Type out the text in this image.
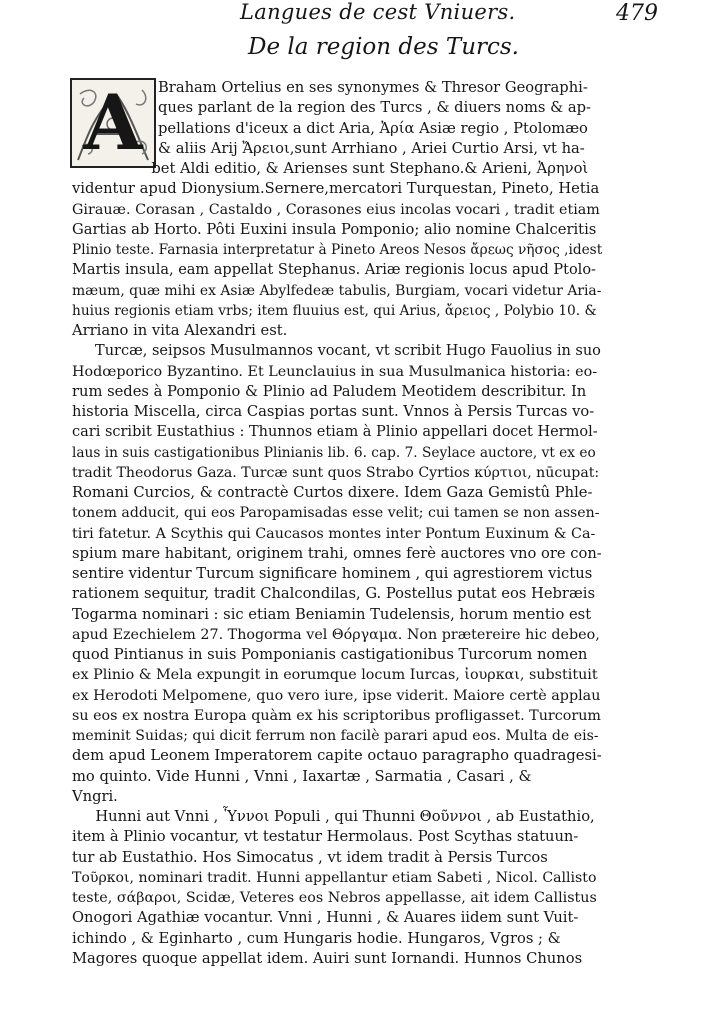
Langues de cest Vniuers.	479
De la region des Turcs.
A	Braham Ortelius en ses synonymes & Thresor Geographi-
ques parlant de la region des Turcs , & diuers noms & ap-
pellations d'iceux a dict Aria, Ἀρία Asiæ regio , Ptolomæo
& aliis Arij Ἄρειοι,sunt Arrhiano , Ariei Curtio Arsi, vt ha-
bet Aldi editio, & Arienses sunt Stephano.& Arieni, Ἀρηνοὶ
videntur apud Dionysium.Sernere,mercatori Turquestan, Pineto, Hetia
Girauæ. Corasan , Castaldo , Corasones eius incolas vocari , tradit etiam
Gartias ab Horto. Pôti Euxini insula Pomponio; alio nomine Chalceritis
Plinio teste. Farnasia interpretatur à Pineto Areos Nesos ἄρεως νῆσος ,idest
Martis insula, eam appellat Stephanus. Ariæ regionis locus apud Ptolo-
mæum, quæ mihi ex Asiæ Abylfedeæ tabulis, Burgiam, vocari videtur Aria-
huius regionis etiam vrbs; item fluuius est, qui Arius, ἄρειος , Polybio 10. &
Arriano in vita Alexandri est.
Turcæ, seipsos Musulmannos vocant, vt scribit Hugo Fauolius in suo
Hodœporico Byzantino. Et Leunclauius in sua Musulmanica historia: eo-
rum sedes à Pomponio & Plinio ad Paludem Meotidem describitur. In
historia Miscella, circa Caspias portas sunt. Vnnos à Persis Turcas vo-
cari scribit Eustathius : Thunnos etiam à Plinio appellari docet Hermol-
laus in suis castigationibus Plinianis lib. 6. cap. 7. Seylace auctore, vt ex eo
tradit Theodorus Gaza. Turcæ sunt quos Strabo Cyrtios κύρτιοι, nūcupat:
Romani Curcios, & contractè Curtos dixere. Idem Gaza Gemistû Phle-
tonem adducit, qui eos Paropamisadas esse velit; cui tamen se non assen-
tiri fatetur. A Scythis qui Caucasos montes inter Pontum Euxinum & Ca-
spium mare habitant, originem trahi, omnes ferè auctores vno ore con-
sentire videntur Turcum significare hominem , qui agrestiorem victus
rationem sequitur, tradit Chalcondilas, G. Postellus putat eos Hebræis
Togarma nominari : sic etiam Beniamin Tudelensis, horum mentio est
apud Ezechielem 27. Thogorma vel Θόργαμα. Non prætereire hic debeo,
quod Pintianus in suis Pomponianis castigationibus Turcorum nomen
ex Plinio & Mela expungit in eorumque locum Iurcas, ἰουρκαι, substituit
ex Herodoti Melpomene, quo vero iure, ipse viderit. Maiore certè applau
su eos ex nostra Europa quàm ex his scriptoribus profligasset. Turcorum
meminit Suidas; qui dicit ferrum non facilè parari apud eos. Multa de eis-
dem apud Leonem Imperatorem capite octauo paragrapho quadragesi-
mo quinto. Vide Hunni , Vnni , Iaxartæ , Sarmatia , Casari , &
Vngri.
Hunni aut Vnni , Ὗννοι Populi , qui Thunni Θοῦννοι , ab Eustathio,
item à Plinio vocantur, vt testatur Hermolaus. Post Scythas statuun-
tur ab Eustathio. Hos Simocatus , vt idem tradit à Persis Turcos
Τοῦρκοι, nominari tradit. Hunni appellantur etiam Sabeti , Nicol. Callisto
teste, σάβαροι, Scidæ, Veteres eos Nebros appellasse, ait idem Callistus
Onogori Agathiæ vocantur. Vnni , Hunni , & Auares iidem sunt Vuit-
ichindo , & Eginharto , cum Hungaris hodie. Hungaros, Vgros ; &
Magores quoque appellat idem. Auiri sunt Iornandi. Hunnos Chunos
